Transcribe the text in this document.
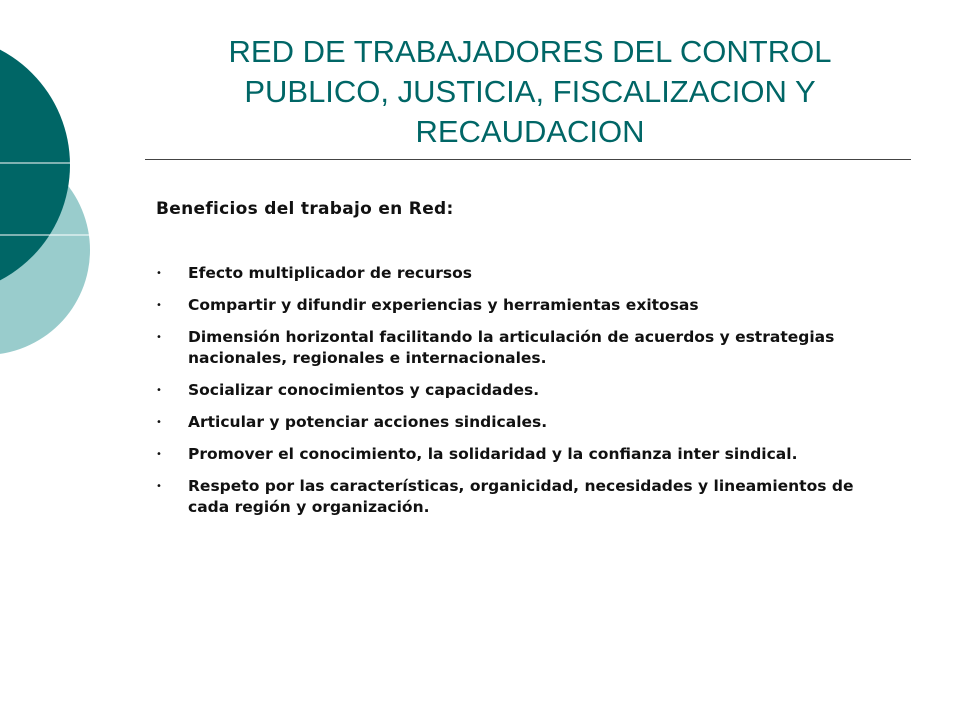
RED DE TRABAJADORES DEL CONTROL PUBLICO, JUSTICIA, FISCALIZACION Y RECAUDACION
Beneficios del trabajo en Red:
• Efecto multiplicador de recursos
• Compartir y difundir experiencias y herramientas exitosas
• Dimensión horizontal facilitando la articulación de acuerdos y estrategias nacionales, regionales e internacionales.
• Socializar conocimientos y capacidades.
• Articular y potenciar acciones sindicales.
• Promover el conocimiento, la solidaridad y la confianza inter sindical.
• Respeto por las características, organicidad, necesidades y lineamientos de cada región y organización.
